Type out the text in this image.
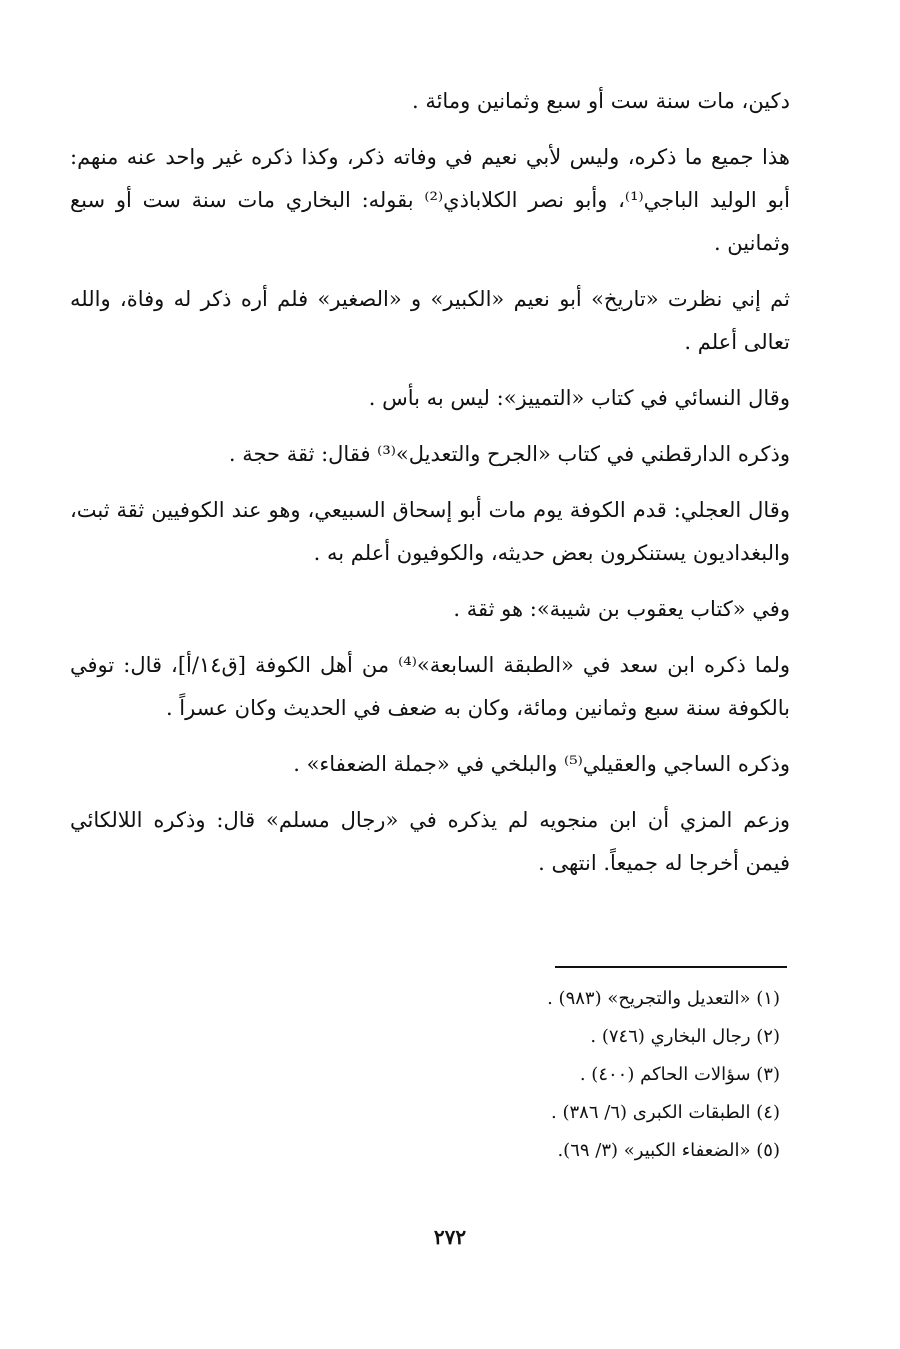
دكين، مات سنة ست أو سبع وثمانين ومائة .

هذا جميع ما ذكره، وليس لأبي نعيم في وفاته ذكر، وكذا ذكره غير واحد عنه منهم: أبو الوليد الباجي⁽¹⁾، وأبو نصر الكلاباذي⁽²⁾ بقوله: البخاري مات سنة ست أو سبع وثمانين .

ثم إني نظرت «تاريخ» أبو نعيم «الكبير» و «الصغير» فلم أره ذكر له وفاة، والله تعالى أعلم .

وقال النسائي في كتاب «التمييز»: ليس به بأس .

وذكره الدارقطني في كتاب «الجرح والتعديل»⁽³⁾ فقال: ثقة حجة .

وقال العجلي: قدم الكوفة يوم مات أبو إسحاق السبيعي، وهو عند الكوفيين ثقة ثبت، والبغداديون يستنكرون بعض حديثه، والكوفيون أعلم به .

وفي «كتاب يعقوب بن شيبة»: هو ثقة .

ولما ذكره ابن سعد في «الطبقة السابعة»⁽⁴⁾ من أهل الكوفة [ق١٤/أ]، قال: توفي بالكوفة سنة سبع وثمانين ومائة، وكان به ضعف في الحديث وكان عسراً .

وذكره الساجي والعقيلي⁽⁵⁾ والبلخي في «جملة الضعفاء» .

وزعم المزي أن ابن منجويه لم يذكره في «رجال مسلم» قال: وذكره اللالكائي فيمن أخرجا له جميعاً. انتهى .

(١) «التعديل والتجريح» (٩٨٣) .

(٢) رجال البخاري (٧٤٦) .

(٣) سؤالات الحاكم (٤٠٠) .

(٤) الطبقات الكبرى (٦/ ٣٨٦) .

(٥) «الضعفاء الكبير» (٣/ ٦٩).

٢٧٢
